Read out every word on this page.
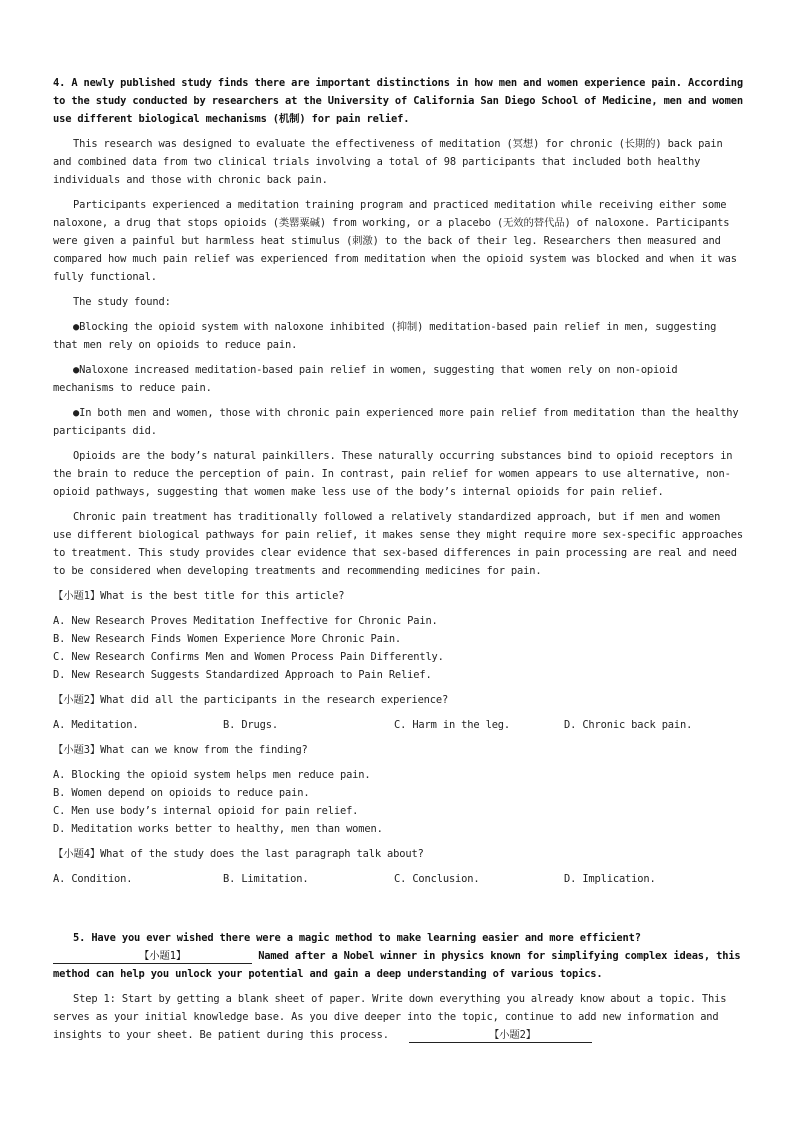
4. A newly published study finds there are important distinctions in how men and women experience pain. According to the study conducted by researchers at the University of California San Diego School of Medicine, men and women use different biological mechanisms (机制) for pain relief.

This research was designed to evaluate the effectiveness of meditation (冥想) for chronic (长期的) back pain and combined data from two clinical trials involving a total of 98 participants that included both healthy individuals and those with chronic back pain.

Participants experienced a meditation training program and practiced meditation while receiving either some naloxone, a drug that stops opioids (类罂粟碱) from working, or a placebo (无效的替代品) of naloxone. Participants were given a painful but harmless heat stimulus (刺激) to the back of their leg. Researchers then measured and compared how much pain relief was experienced from meditation when the opioid system was blocked and when it was fully functional.

The study found:

●Blocking the opioid system with naloxone inhibited (抑制) meditation-based pain relief in men, suggesting that men rely on opioids to reduce pain.

●Naloxone increased meditation-based pain relief in women, suggesting that women rely on non-opioid mechanisms to reduce pain.

●In both men and women, those with chronic pain experienced more pain relief from meditation than the healthy participants did.

Opioids are the body’s natural painkillers. These naturally occurring substances bind to opioid receptors in the brain to reduce the perception of pain. In contrast, pain relief for women appears to use alternative, non-opioid pathways, suggesting that women make less use of the body’s internal opioids for pain relief.

Chronic pain treatment has traditionally followed a relatively standardized approach, but if men and women use different biological pathways for pain relief, it makes sense they might require more sex-specific approaches to treatment. This study provides clear evidence that sex-based differences in pain processing are real and need to be considered when developing treatments and recommending medicines for pain.

【小题1】What is the best title for this article?

A. New Research Proves Meditation Ineffective for Chronic Pain.

B. New Research Finds Women Experience More Chronic Pain.

C. New Research Confirms Men and Women Process Pain Differently.

D. New Research Suggests Standardized Approach to Pain Relief.

【小题2】What did all the participants in the research experience?

A. Meditation.	B. Drugs.	C. Harm in the leg.	D. Chronic back pain.

【小题3】What can we know from the finding?

A. Blocking the opioid system helps men reduce pain.

B. Women depend on opioids to reduce pain.

C. Men use body’s internal opioid for pain relief.

D. Meditation works better to healthy, men than women.

【小题4】What of the study does the last paragraph talk about?

A. Condition.	B. Limitation.	C. Conclusion.	D. Implication.

5. Have you ever wished there were a magic method to make learning easier and more efficient? 【小题1】	Named after a Nobel winner in physics known for simplifying complex ideas, this method can help you unlock your potential and gain a deep understanding of various topics.

Step 1: Start by getting a blank sheet of paper. Write down everything you already know about a topic. This serves as your initial knowledge base. As you dive deeper into the topic, continue to add new information and insights to your sheet. Be patient during this process.	【小题2】
